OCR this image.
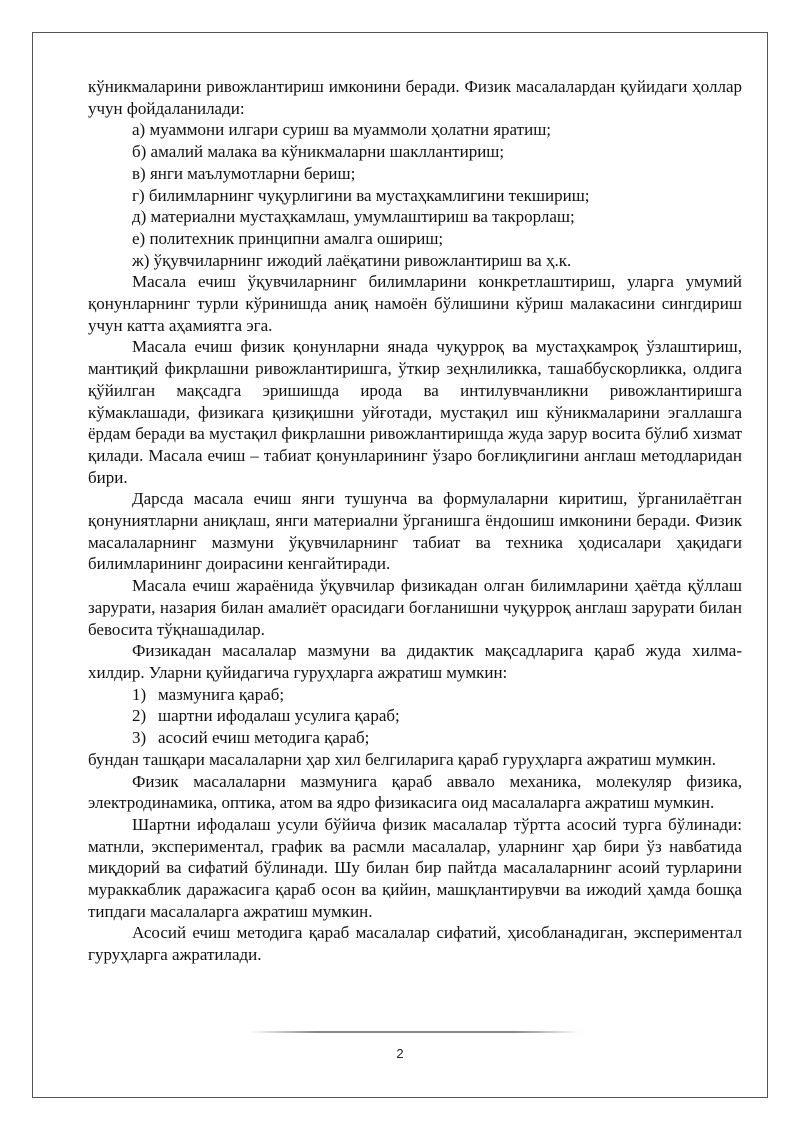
кўникмаларини ривожлантириш имконини беради. Физик масалалардан қуйидаги ҳоллар учун фойдаланилади:

а) муаммони илгари суриш ва муаммоли ҳолатни яратиш;

б) амалий малака ва кўникмаларни шакллантириш;

в) янги маълумотларни бериш;

г) билимларнинг чуқурлигини ва мустаҳкамлигини текшириш;

д) материални мустаҳкамлаш, умумлаштириш ва такрорлаш;

е) политехник принципни амалга ошириш;

ж) ўқувчиларнинг ижодий лаёқатини ривожлантириш ва ҳ.к.

Масала ечиш ўқувчиларнинг билимларини конкретлаштириш, уларга умумий қонунларнинг турли кўринишда аниқ намоён бўлишини кўриш малакасини сингдириш учун катта аҳамиятга эга.

Масала ечиш физик қонунларни янада чуқурроқ ва мустаҳкамроқ ўзлаштириш, мантиқий фикрлашни ривожлантиришга, ўткир зеҳнлиликка, ташаббускорликка, олдига қўйилган мақсадга эришишда ирода ва интилувчанликни ривожлантиришга кўмаклашади, физикага қизиқишни уйғотади, мустақил иш кўникмаларини эгаллашга ёрдам беради ва мустақил фикрлашни ривожлантиришда жуда зарур восита бўлиб хизмат қилади. Масала ечиш – табиат қонунларининг ўзаро боғлиқлигини англаш методларидан бири.

Дарсда масала ечиш янги тушунча ва формулаларни киритиш, ўрганилаётган қонуниятларни аниқлаш, янги материални ўрганишга ёндошиш имконини беради. Физик масалаларнинг мазмуни ўқувчиларнинг табиат ва техника ҳодисалари ҳақидаги билимларининг доирасини кенгайтиради.

Масала ечиш жараёнида ўқувчилар физикадан олган билимларини ҳаётда қўллаш зарурати, назария билан амалиёт орасидаги боғланишни чуқурроқ англаш зарурати билан бевосита тўқнашадилар.

Физикадан масалалар мазмуни ва дидактик мақсадларига қараб жуда хилма-хилдир. Уларни қуйидагича гуруҳларга ажратиш мумкин:

1) мазмунига қараб;

2) шартни ифодалаш усулига қараб;

3) асосий ечиш методига қараб;

бундан ташқари масалаларни ҳар хил белгиларига қараб гуруҳларга ажратиш мумкин.

Физик масалаларни мазмунига қараб аввало механика, молекуляр физика, электродинамика, оптика, атом ва ядро физикасига оид масалаларга ажратиш мумкин.

Шартни ифодалаш усули бўйича физик масалалар тўртта асосий турга бўлинади: матнли, экспериментал, график ва расмли масалалар, уларнинг ҳар бири ўз навбатида миқдорий ва сифатий бўлинади. Шу билан бир пайтда масалаларнинг асоий турларини мураккаблик даражасига қараб осон ва қийин, машқлантирувчи ва ижодий ҳамда бошқа типдаги масалаларга ажратиш мумкин.

Асосий ечиш методига қараб масалалар сифатий, ҳисобланадиган, экспериментал гуруҳларга ажратилади.

2
